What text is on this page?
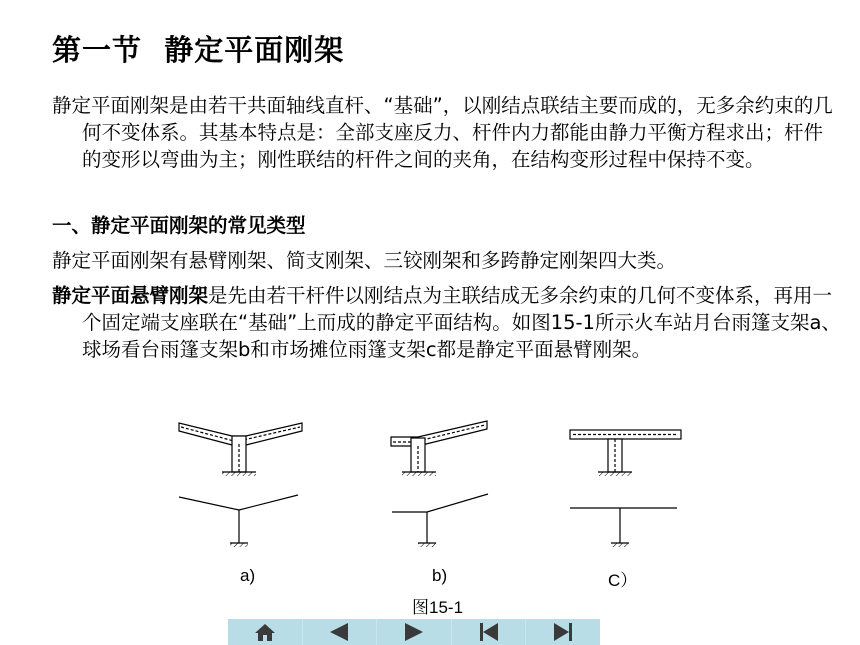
第一节  静定平面刚架
静定平面刚架是由若干共面轴线直杆、“基础”，以刚结点联结主要而成的，无多余约束的几何不变体系。其基本特点是：全部支座反力、杆件内力都能由静力平衡方程求出；杆件的变形以弯曲为主；刚性联结的杆件之间的夹角，在结构变形过程中保持不变。
一、静定平面刚架的常见类型
静定平面刚架有悬臂刚架、简支刚架、三铰刚架和多跨静定刚架四大类。
静定平面悬臂刚架是先由若干杆件以刚结点为主联结成无多余约束的几何不变体系，再用一个固定端支座联在“基础”上而成的静定平面结构。如图15-1所示火车站月台雨篷支架a、球场看台雨篷支架b和市场摊位雨篷支架c都是静定平面悬臂刚架。
a)	b)	C）
图15-1
